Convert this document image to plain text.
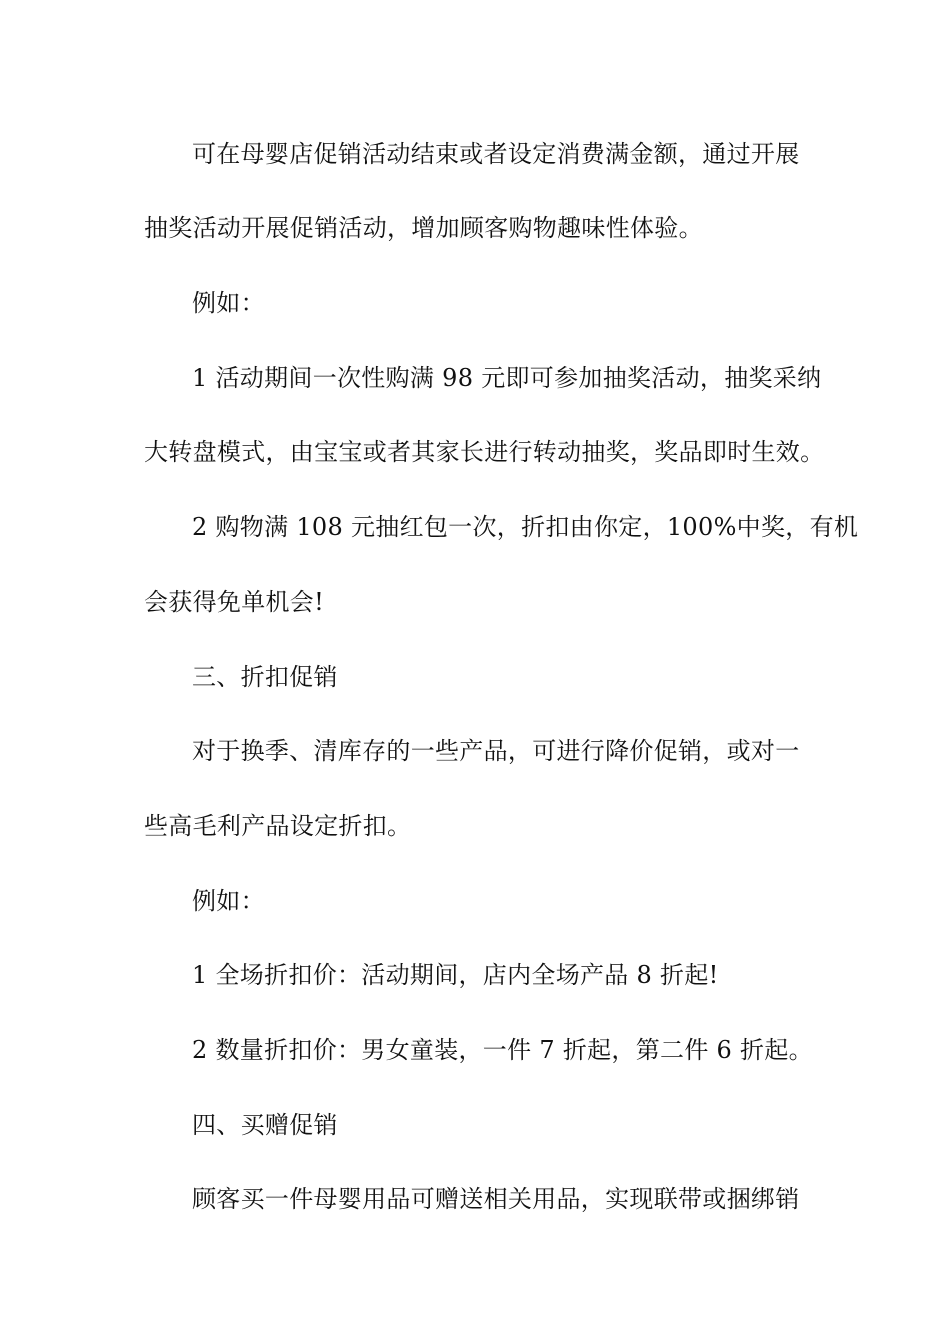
可在母婴店促销活动结束或者设定消费满金额，通过开展
抽奖活动开展促销活动，增加顾客购物趣味性体验。
例如：
1 活动期间一次性购满 98 元即可参加抽奖活动，抽奖采纳
大转盘模式，由宝宝或者其家长进行转动抽奖，奖品即时生效。
2 购物满 108 元抽红包一次，折扣由你定，100%中奖，有机
会获得免单机会!
三、折扣促销
对于换季、清库存的一些产品，可进行降价促销，或对一
些高毛利产品设定折扣。
例如：
1 全场折扣价：活动期间，店内全场产品 8 折起!
2 数量折扣价：男女童装，一件 7 折起，第二件 6 折起。
四、买赠促销
顾客买一件母婴用品可赠送相关用品，实现联带或捆绑销
